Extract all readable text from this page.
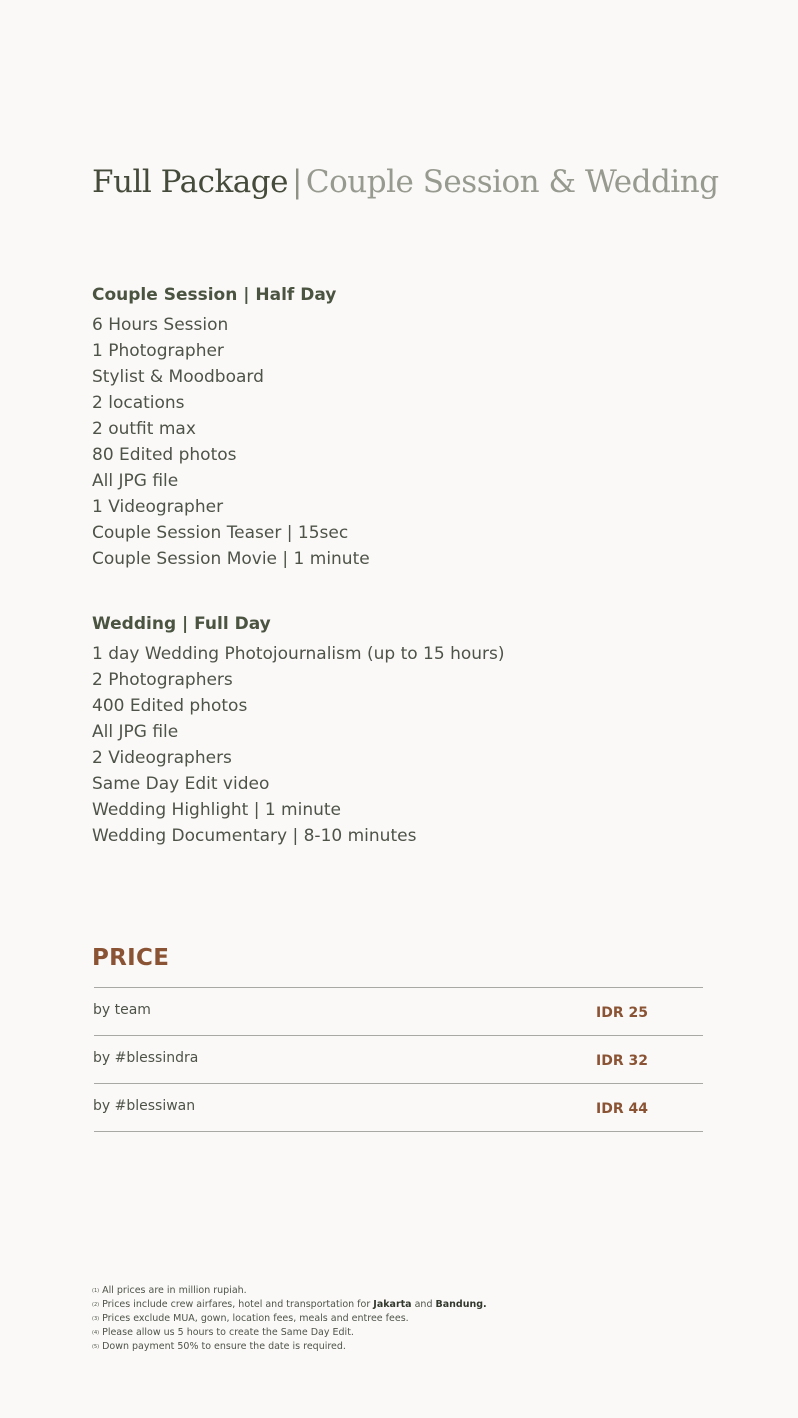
Full Package | Couple Session & Wedding
Couple Session | Half Day
6 Hours Session
1 Photographer
Stylist & Moodboard
2 locations
2 outfit max
80 Edited photos
All JPG file
1 Videographer
Couple Session Teaser | 15sec
Couple Session Movie | 1 minute
Wedding | Full Day
1 day Wedding Photojournalism (up to 15 hours)
2 Photographers
400 Edited photos
All JPG file
2 Videographers
Same Day Edit video
Wedding Highlight | 1 minute
Wedding Documentary | 8-10 minutes
PRICE
by team	IDR 25
by #blessindra	IDR 32
by #blessiwan	IDR 44
(1) All prices are in million rupiah.
(2) Prices include crew airfares, hotel and transportation for Jakarta and Bandung.
(3) Prices exclude MUA, gown, location fees, meals and entree fees.
(4) Please allow us 5 hours to create the Same Day Edit.
(5) Down payment 50% to ensure the date is required.
